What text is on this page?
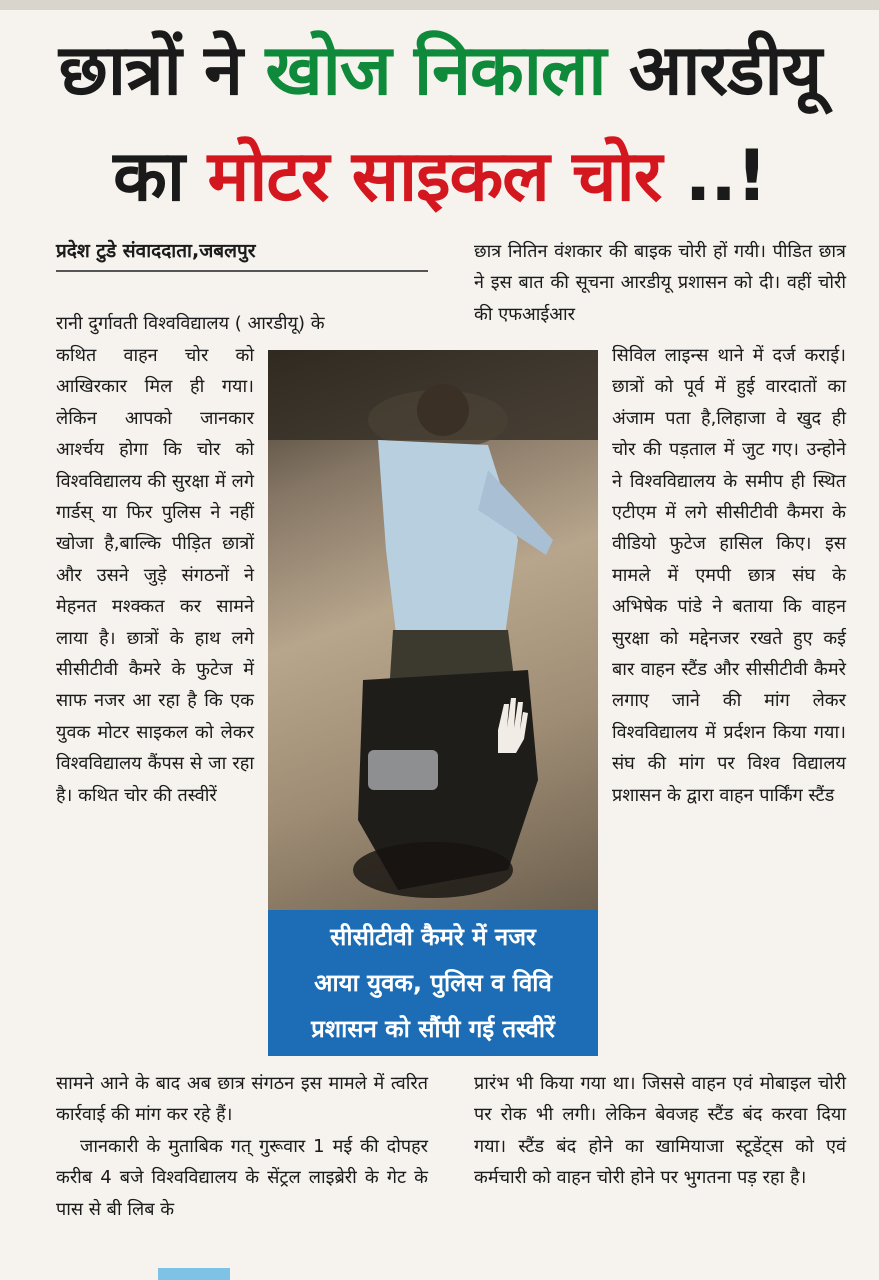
छात्रों ने खोज निकाला आरडीयू
का मोटर साइकल चोर ..!
प्रदेश टुडे संवाददाता,जबलपुर

रानी दुर्गावती विश्वविद्यालय ( आरडीयू) के

कथित वाहन चोर को आखिरकार मिल ही गया। लेकिन आपको जानकार आर्श्चय होगा कि चोर को विश्वविद्यालय की सुरक्षा में लगे गार्डस् या फिर पुलिस ने नहीं खोजा है,बाल्कि पीड़ित छात्रों और उसने जुड़े संगठनों ने मेहनत मश्क्कत कर सामने लाया है। छात्रों के हाथ लगे सीसीटीवी कैमरे के फुटेज में साफ नजर आ रहा है कि एक युवक मोटर साइकल को लेकर विश्वविद्यालय कैंपस से जा रहा है। कथित चोर की तस्वीरें

सामने आने के बाद अब छात्र संगठन इस मामले में त्वरित कार्रवाई की मांग कर रहे हैं।

जानकारी के मुताबिक गत् गुरूवार 1 मई की दोपहर करीब 4 बजे विश्वविद्यालय के सेंट्रल लाइब्रेरी के गेट के पास से बी लिब के

छात्र नितिन वंशकार की बाइक चोरी हों गयी। पीडित छात्र ने इस बात की सूचना आरडीयू प्रशासन को दी। वहीं चोरी की एफआईआर

सिविल लाइन्स थाने में दर्ज कराई। छात्रों को पूर्व में हुई वारदातों का अंजाम पता है,लिहाजा वे खुद ही चोर की पड़ताल में जुट गए। उन्होने ने विश्वविद्यालय के समीप ही स्थित एटीएम में लगे सीसीटीवी कैमरा के वीडियो फुटेज हासिल किए। इस मामले में एमपी छात्र संघ के अभिषेक पांडे ने बताया कि वाहन सुरक्षा को मद्देनजर रखते हुए कई बार वाहन स्टैंड और सीसीटीवी कैमरे लगाए जाने की मांग लेकर विश्वविद्यालय में प्रर्दशन किया गया। संघ की मांग पर विश्व विद्यालय प्रशासन के द्वारा वाहन पार्किंग स्टैंड

प्रारंभ भी किया गया था। जिससे वाहन एवं मोबाइल चोरी पर रोक भी लगी। लेकिन बेवजह स्टैंड बंद करवा दिया गया। स्टैंड बंद होने का खामियाजा स्टूडेंट्स को एवं कर्मचारी को वाहन चोरी होने पर भुगतना पड़ रहा है।

सीसीटीवी कैमरे में नजर
आया युवक, पुलिस व विवि
प्रशासन को सौंपी गई तस्वीरें
